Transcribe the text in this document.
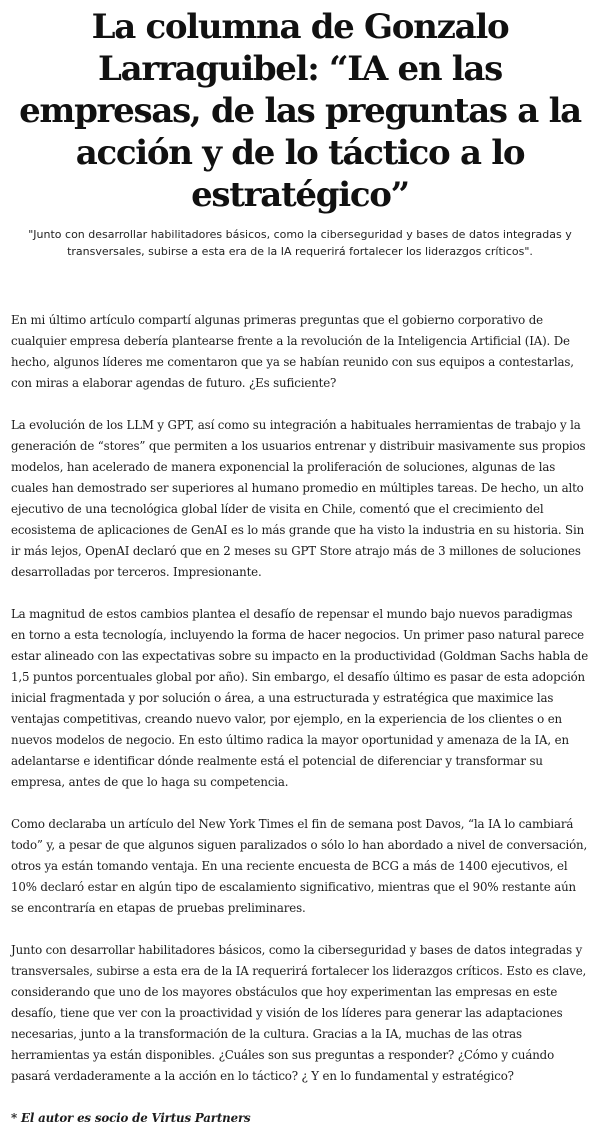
La columna de Gonzalo Larraguibel: “IA en las empresas, de las preguntas a la acción y de lo táctico a lo estratégico”

"Junto con desarrollar habilitadores básicos, como la ciberseguridad y bases de datos integradas y transversales, subirse a esta era de la IA requerirá fortalecer los liderazgos críticos".

En mi último artículo compartí algunas primeras preguntas que el gobierno corporativo de cualquier empresa debería plantearse frente a la revolución de la Inteligencia Artificial (IA). De hecho, algunos líderes me comentaron que ya se habían reunido con sus equipos a contestarlas, con miras a elaborar agendas de futuro. ¿Es suficiente?

La evolución de los LLM y GPT, así como su integración a habituales herramientas de trabajo y la generación de “stores” que permiten a los usuarios entrenar y distribuir masivamente sus propios modelos, han acelerado de manera exponencial la proliferación de soluciones, algunas de las cuales han demostrado ser superiores al humano promedio en múltiples tareas. De hecho, un alto ejecutivo de una tecnológica global líder de visita en Chile, comentó que el crecimiento del ecosistema de aplicaciones de GenAI es lo más grande que ha visto la industria en su historia. Sin ir más lejos, OpenAI declaró que en 2 meses su GPT Store atrajo más de 3 millones de soluciones desarrolladas por terceros. Impresionante.

La magnitud de estos cambios plantea el desafío de repensar el mundo bajo nuevos paradigmas en torno a esta tecnología, incluyendo la forma de hacer negocios. Un primer paso natural parece estar alineado con las expectativas sobre su impacto en la productividad (Goldman Sachs habla de 1,5 puntos porcentuales global por año). Sin embargo, el desafío último es pasar de esta adopción inicial fragmentada y por solución o área, a una estructurada y estratégica que maximice las ventajas competitivas, creando nuevo valor, por ejemplo, en la experiencia de los clientes o en nuevos modelos de negocio. En esto último radica la mayor oportunidad y amenaza de la IA, en adelantarse e identificar dónde realmente está el potencial de diferenciar y transformar su empresa, antes de que lo haga su competencia.

Como declaraba un artículo del New York Times el fin de semana post Davos, “la IA lo cambiará todo” y, a pesar de que algunos siguen paralizados o sólo lo han abordado a nivel de conversación, otros ya están tomando ventaja. En una reciente encuesta de BCG a más de 1400 ejecutivos, el 10% declaró estar en algún tipo de escalamiento significativo, mientras que el 90% restante aún se encontraría en etapas de pruebas preliminares.

Junto con desarrollar habilitadores básicos, como la ciberseguridad y bases de datos integradas y transversales, subirse a esta era de la IA requerirá fortalecer los liderazgos críticos. Esto es clave, considerando que uno de los mayores obstáculos que hoy experimentan las empresas en este desafío, tiene que ver con la proactividad y visión de los líderes para generar las adaptaciones necesarias, junto a la transformación de la cultura. Gracias a la IA, muchas de las otras herramientas ya están disponibles. ¿Cuáles son sus preguntas a responder? ¿Cómo y cuándo pasará verdaderamente a la acción en lo táctico? ¿ Y en lo fundamental y estratégico?

* El autor es socio de Virtus Partners
